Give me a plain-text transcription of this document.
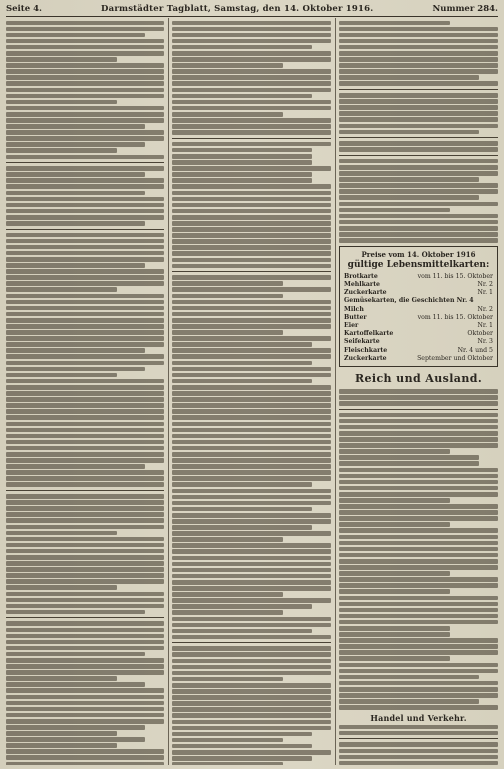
Seite 4.	Darmstädter Tagblatt, Samstag, den 14. Oktober 1916.	Nummer 284.
Preise vom 14. Oktober 1916
gültige Lebensmittelkarten:
Brotkarte	vom 11. bis 15. Oktober
Mehlkarte	Nr. 2
Zuckerkarte	Nr. 1
Gemüsekarten, die Geschichten Nr. 4
Milch	Nr. 2
Butter	vom 11. bis 15. Oktober
Eier	Nr. 1
Kartoffelkarte	Oktober
Seifekarte	Nr. 3
Fleischkarte	Nr. 4 und 5
Zuckerkarte	September und Oktober
Reich und Ausland.
Handel und Verkehr.
